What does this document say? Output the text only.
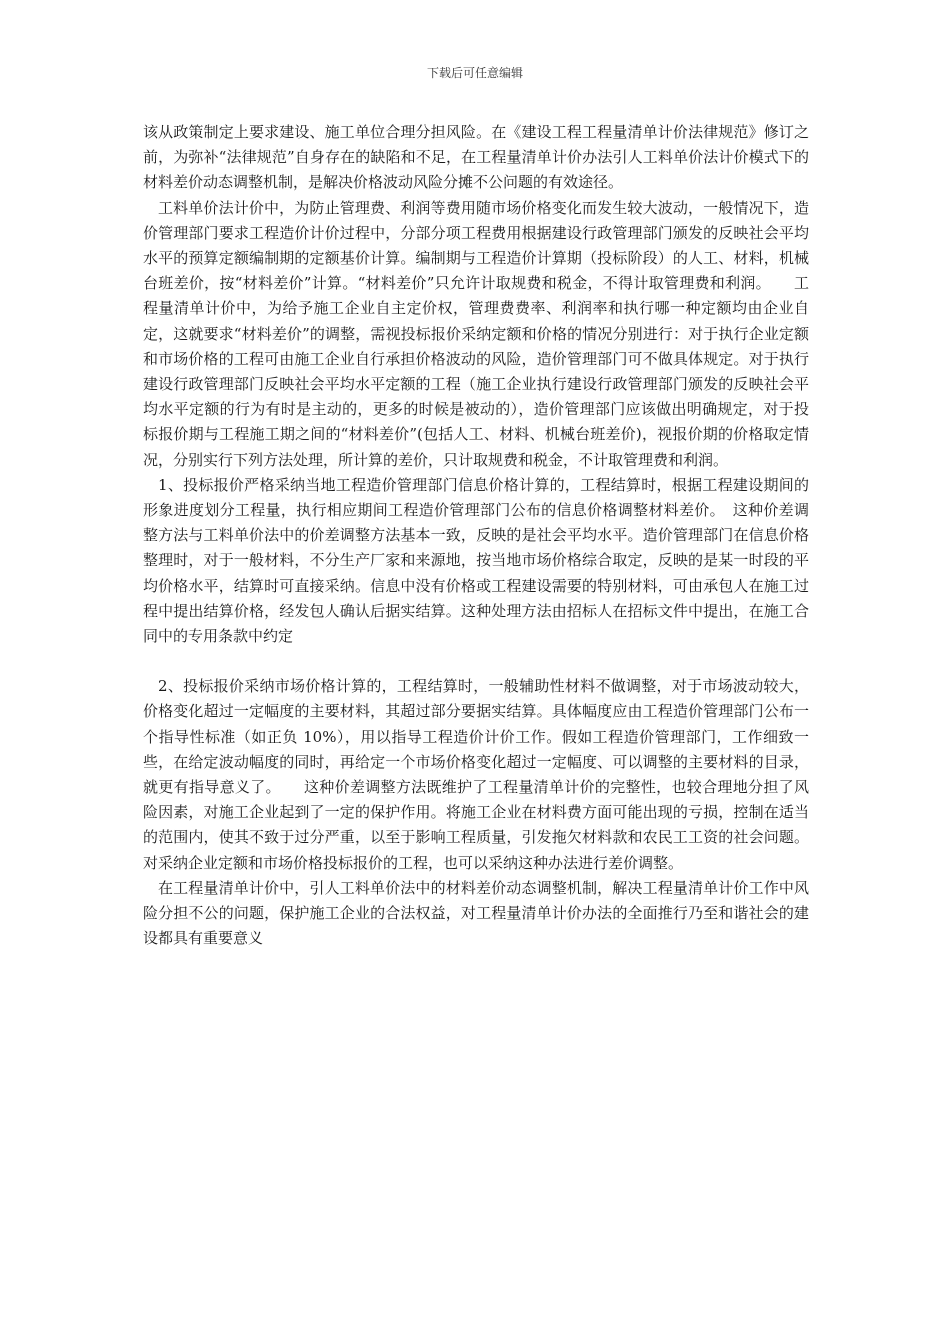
下载后可任意编辑

该从政策制定上要求建设、施工单位合理分担风险。在《建设工程工程量清单计价法律规范》修订之前，为弥补“法律规范”自身存在的缺陷和不足，在工程量清单计价办法引人工料单价法计价模式下的材料差价动态调整机制，是解决价格波动风险分摊不公问题的有效途径。

工料单价法计价中，为防止管理费、利润等费用随市场价格变化而发生较大波动，一般情况下，造价管理部门要求工程造价计价过程中，分部分项工程费用根据建设行政管理部门颁发的反映社会平均水平的预算定额编制期的定额基价计算。编制期与工程造价计算期（投标阶段）的人工、材料，机械台班差价，按“材料差价”计算。“材料差价”只允许计取规费和税金，不得计取管理费和利润。　　工程量清单计价中，为给予施工企业自主定价权，管理费费率、利润率和执行哪一种定额均由企业自定，这就要求“材料差价”的调整，需视投标报价采纳定额和价格的情况分别进行：对于执行企业定额和市场价格的工程可由施工企业自行承担价格波动的风险，造价管理部门可不做具体规定。对于执行建设行政管理部门反映社会平均水平定额的工程（施工企业执行建设行政管理部门颁发的反映社会平均水平定额的行为有时是主动的，更多的时候是被动的），造价管理部门应该做出明确规定，对于投标报价期与工程施工期之间的“材料差价”(包括人工、材料、机械台班差价)，视报价期的价格取定情况，分别实行下列方法处理，所计算的差价，只计取规费和税金，不计取管理费和利润。

1、投标报价严格采纳当地工程造价管理部门信息价格计算的，工程结算时，根据工程建设期间的形象进度划分工程量，执行相应期间工程造价管理部门公布的信息价格调整材料差价。　这种价差调整方法与工料单价法中的价差调整方法基本一致，反映的是社会平均水平。造价管理部门在信息价格整理时，对于一般材料，不分生产厂家和来源地，按当地市场价格综合取定，反映的是某一时段的平均价格水平，结算时可直接采纳。信息中没有价格或工程建设需要的特别材料，可由承包人在施工过程中提出结算价格，经发包人确认后据实结算。这种处理方法由招标人在招标文件中提出，在施工合同中的专用条款中约定

2、投标报价采纳市场价格计算的，工程结算时，一般辅助性材料不做调整，对于市场波动较大，价格变化超过一定幅度的主要材料，其超过部分要据实结算。具体幅度应由工程造价管理部门公布一个指导性标准（如正负 10%），用以指导工程造价计价工作。假如工程造价管理部门，工作细致一些，在给定波动幅度的同时，再给定一个市场价格变化超过一定幅度、可以调整的主要材料的目录，就更有指导意义了。　　这种价差调整方法既维护了工程量清单计价的完整性，也较合理地分担了风险因素，对施工企业起到了一定的保护作用。将施工企业在材料费方面可能出现的亏损，控制在适当的范围内，使其不致于过分严重，以至于影响工程质量，引发拖欠材料款和农民工工资的社会问题。对采纳企业定额和市场价格投标报价的工程，也可以采纳这种办法进行差价调整。

在工程量清单计价中，引人工料单价法中的材料差价动态调整机制，解决工程量清单计价工作中风险分担不公的问题，保护施工企业的合法权益，对工程量清单计价办法的全面推行乃至和谐社会的建设都具有重要意义
